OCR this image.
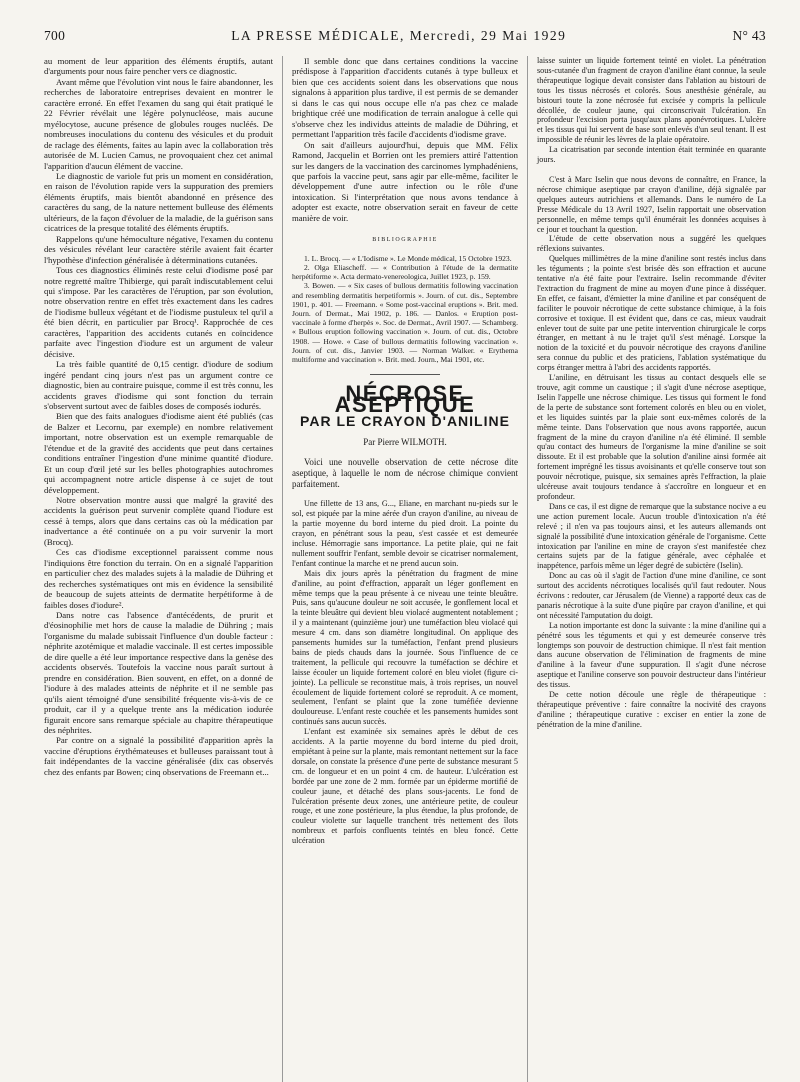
700	LA PRESSE MÉDICALE, Mercredi, 29 Mai 1929	N° 43

au moment de leur apparition des éléments éruptifs, autant d'arguments pour nous faire pencher vers ce diagnostic.

Avant même que l'évolution vint nous le faire abandonner, les recherches de laboratoire entreprises devaient en montrer le caractère erroné. En effet l'examen du sang qui était pratiqué le 22 Février révélait une légère polynucléose, mais aucune myélocytose, aucune présence de globules rouges nucléés. De nombreuses inoculations du contenu des vésicules et du produit de raclage des éléments, faites au lapin avec la collaboration très autorisée de M. Lucien Camus, ne provoquaient chez cet animal l'apparition d'aucun élément de vaccine.

Le diagnostic de variole fut pris un moment en considération, en raison de l'évolution rapide vers la suppuration des premiers éléments éruptifs, mais bientôt abandonné en présence des caractères du sang, de la nature nettement bulleuse des éléments ultérieurs, de la façon d'évoluer de la maladie, de la guérison sans cicatrices de la presque totalité des éléments éruptifs.

Rappelons qu'une hémoculture négative, l'examen du contenu des vésicules révélant leur caractère stérile avaient fait écarter l'hypothèse d'infection généralisée à déterminations cutanées.

Tous ces diagnostics éliminés reste celui d'iodisme posé par notre regretté maître Thibierge, qui paraît indiscutablement celui qui s'impose. Par les caractères de l'éruption, par son évolution, notre observation rentre en effet très exactement dans les cadres de l'iodisme bulleux végétant et de l'iodisme pustuleux tel qu'il a été bien décrit, en particulier par Brocq¹. Rapprochée de ces caractères, l'apparition des accidents cutanés en coïncidence parfaite avec l'ingestion d'iodure est un argument de valeur décisive.

La très faible quantité de 0,15 centigr. d'iodure de sodium ingéré pendant cinq jours n'est pas un argument contre ce diagnostic, bien au contraire puisque, comme il est très connu, les accidents graves d'iodisme qui sont fonction du terrain s'observent surtout avec de faibles doses de composés iodurés.

Bien que des faits analogues d'iodisme aient été publiés (cas de Balzer et Lecornu, par exemple) en nombre relativement important, notre observation est un exemple remarquable de l'étendue et de la gravité des accidents que peut dans certaines conditions entraîner l'ingestion d'une minime quantité d'iodure. Et un coup d'œil jeté sur les belles photographies autochromes qui accompagnent notre article dispense à ce sujet de tout développement.

Notre observation montre aussi que malgré la gravité des accidents la guérison peut survenir complète quand l'iodure est cessé à temps, alors que dans certains cas où la médication par inadvertance a été continuée on a pu voir survenir la mort (Brocq).

Ces cas d'iodisme exceptionnel paraissent comme nous l'indiquions être fonction du terrain. On en a signalé l'apparition en particulier chez des malades sujets à la maladie de Dühring et des recherches systématiques ont mis en évidence la sensibilité de beaucoup de sujets atteints de dermatite herpétiforme à de faibles doses d'iodure².

Dans notre cas l'absence d'antécédents, de prurit et d'éosinophilie met hors de cause la maladie de Dühring ; mais l'organisme du malade subissait l'influence d'un double facteur : néphrite azotémique et maladie vaccinale. Il est certes impossible de dire quelle a été leur importance respective dans la genèse des accidents observés. Toutefois la vaccine nous paraît surtout à prendre en considération. Bien souvent, en effet, on a donné de l'iodure à des malades atteints de néphrite et il ne semble pas qu'ils aient témoigné d'une sensibilité fréquente vis-à-vis de ce produit, car il y a quelque trente ans la médication iodurée figurait encore sans remarque spéciale au chapitre thérapeutique des néphrites.

Par contre on a signalé la possibilité d'apparition après la vaccine d'éruptions érythémateuses et bulleuses paraissant tout à fait indépendantes de la vaccine généralisée (dix cas observés chez des enfants par Bowen; cinq observations de Freemann et...

Il semble donc que dans certaines conditions la vaccine prédispose à l'apparition d'accidents cutanés à type bulleux et bien que ces accidents soient dans les observations que nous signalons à apparition plus tardive, il est permis de se demander si dans le cas qui nous occupe elle n'a pas chez ce malade brightique créé une modification de terrain analogue à celle qui s'observe chez les individus atteints de maladie de Dühring, et permettant l'apparition très facile d'accidents d'iodisme grave.

On sait d'ailleurs aujourd'hui, depuis que MM. Félix Ramond, Jacquelin et Borrien ont les premiers attiré l'attention sur les dangers de la vaccination des carcinomes lymphadéniens, que parfois la vaccine peut, sans agir par elle-même, faciliter le développement d'une autre infection ou le rôle d'une intoxication. Si l'interprétation que nous avons tendance à adopter est exacte, notre observation serait en faveur de cette manière de voir.

BIBLIOGRAPHIE

1. L. Brocq. — « L'Iodisme ». Le Monde médical, 15 Octobre 1923.

2. Olga Eliascheff. — « Contribution à l'étude de la dermatite herpétiforme ». Acta dermato-venereologica, Juillet 1923, p. 159.

3. Bowen. — « Six cases of bullous dermatitis following vaccination and resembling dermatitis herpetiformis ». Journ. of cut. dis., Septembre 1901, p. 401. — Freemann. « Some post-vaccinal eruptions ». Brit. med. Journ. of Dermat., Mai 1902, p. 186. — Danlos. « Eruption post-vaccinale à forme d'herpès ». Soc. de Dermat., Avril 1907. — Schamberg. « Bullous eruption following vaccination ». Journ. of cut. dis., Octobre 1908. — Howe. « Case of bullous dermatitis following vaccination ». Journ. of cut. dis., Janvier 1903. — Norman Walker. « Erythema multiforme and vaccination ». Brit. med. Journ., Mai 1901, etc.

NÉCROSE ASEPTIQUE
PAR LE CRAYON D'ANILINE
Par Pierre WILMOTH.

Voici une nouvelle observation de cette nécrose dite aseptique, à laquelle le nom de nécrose chimique convient parfaitement.

Une fillette de 13 ans, G..., Eliane, en marchant nu-pieds sur le sol, est piquée par la mine aérée d'un crayon d'aniline, au niveau de la partie moyenne du bord interne du pied droit. La pointe du crayon, en pénétrant sous la peau, s'est cassée et est demeurée incluse. Hémorragie sans importance. La petite plaie, qui ne fait nullement souffrir l'enfant, semble devoir se cicatriser normalement, l'enfant continue la marche et ne prend aucun soin.

Mais dix jours après la pénétration du fragment de mine d'aniline, au point d'effraction, apparaît un léger gonflement en même temps que la peau présente à ce niveau une teinte bleuâtre. Puis, sans qu'aucune douleur ne soit accusée, le gonflement local et la teinte bleuâtre qui devient bleu violacé augmentent notablement ; il y a maintenant (quinzième jour) une tuméfaction bleu violacé qui mesure 4 cm. dans son diamètre longitudinal. On applique des pansements humides sur la tuméfaction, l'enfant prend plusieurs bains de pieds chauds dans la journée. Sous l'influence de ce traitement, la pellicule qui recouvre la tuméfaction se déchire et laisse écouler un liquide fortement coloré en bleu violet (figure ci-jointe). La pellicule se reconstitue mais, à trois reprises, un nouvel écoulement de liquide fortement coloré se reproduit. A ce moment, seulement, l'enfant se plaint que la zone tuméfiée devienne douloureuse. L'enfant reste couchée et les pansements humides sont continués sans aucun succès.

L'enfant est examinée six semaines après le début de ces accidents. A la partie moyenne du bord interne du pied droit, empiétant à peine sur la plante, mais remontant nettement sur la face dorsale, on constate la présence d'une perte de substance mesurant 5 cm. de longueur et en un point 4 cm. de hauteur. L'ulcération est bordée par une zone de 2 mm. formée par un épiderme mortifié de couleur jaune, et détaché des plans sous-jacents. Le fond de l'ulcération présente deux zones, une antérieure petite, de couleur rouge, et une zone postérieure, la plus étendue, la plus profonde, de couleur violette sur laquelle tranchent très nettement des îlots nombreux et parfois confluents teintés en bleu foncé. Cette ulcération

laisse suinter un liquide fortement teinté en violet. La pénétration sous-cutanée d'un fragment de crayon d'aniline étant connue, la seule thérapeutique logique devait consister dans l'ablation au bistouri de tous les tissus nécrosés et colorés. Sous anesthésie générale, au bistouri toute la zone nécrosée fut excisée y compris la pellicule décollée, de couleur jaune, qui circonscrivait l'ulcération. En profondeur l'excision porta jusqu'aux plans aponévrotiques. L'ulcère et les tissus qui lui servent de base sont enlevés d'un seul tenant. Il est impossible de réunir les lèvres de la plaie opératoire.

La cicatrisation par seconde intention était terminée en quarante jours.

C'est à Marc Iselin que nous devons de connaître, en France, la nécrose chimique aseptique par crayon d'aniline, déjà signalée par quelques auteurs autrichiens et allemands. Dans le numéro de La Presse Médicale du 13 Avril 1927, Iselin rapportait une observation personnelle, en même temps qu'il énumérait les données acquises à ce jour et touchant la question.

L'étude de cette observation nous a suggéré les quelques réflexions suivantes.

Quelques millimètres de la mine d'aniline sont restés inclus dans les téguments ; la pointe s'est brisée dès son effraction et aucune tentative n'a été faite pour l'extraire. Iselin recommande d'éviter l'extraction du fragment de mine au moyen d'une pince à disséquer. En effet, ce faisant, d'émietter la mine d'aniline et par conséquent de faciliter le pouvoir nécrotique de cette substance chimique, à la fois corrosive et toxique. Il est évident que, dans ce cas, mieux vaudrait enlever tout de suite par une petite intervention chirurgicale le corps étranger, en mettant à nu le trajet qu'il s'est ménagé. Lorsque la notion de la toxicité et du pouvoir nécrotique des crayons d'aniline sera connue du public et des praticiens, l'ablation systématique du corps étranger mettra à l'abri des accidents rapportés.

L'aniline, en détruisant les tissus au contact desquels elle se trouve, agit comme un caustique ; il s'agit d'une nécrose aseptique, Iselin l'appelle une nécrose chimique. Les tissus qui forment le fond de la perte de substance sont fortement colorés en bleu ou en violet, et les liquides suintés par la plaie sont eux-mêmes colorés de la même teinte. Dans l'observation que nous avons rapportée, aucun fragment de la mine du crayon d'aniline n'a été éliminé. Il semble qu'au contact des humeurs de l'organisme la mine d'aniline se soit dissoute. Et il est probable que la solution d'aniline ainsi formée ait fortement imprégné les tissus avoisinants et qu'elle conserve tout son pouvoir nécrotique, puisque, six semaines après l'effraction, la plaie ulcéreuse avait toujours tendance à s'accroître en longueur et en profondeur.

Dans ce cas, il est digne de remarque que la substance nocive a eu une action purement locale. Aucun trouble d'intoxication n'a été relevé ; il n'en va pas toujours ainsi, et les auteurs allemands ont signalé la possibilité d'une intoxication générale de l'organisme. Cette intoxication par l'aniline en mine de crayon s'est manifestée chez certains sujets par de la fatigue générale, avec céphalée et inappétence, parfois même un léger degré de subictère (Iselin).

Donc au cas où il s'agit de l'action d'une mine d'aniline, ce sont surtout des accidents nécrotiques localisés qu'il faut redouter. Nous écrivons : redouter, car Jérusalem (de Vienne) a rapporté deux cas de panaris nécrotique à la suite d'une piqûre par crayon d'aniline, et qui ont nécessité l'amputation du doigt.

La notion importante est donc la suivante : la mine d'aniline qui a pénétré sous les téguments et qui y est demeurée conserve très longtemps son pouvoir de destruction chimique. Il n'est fait mention dans aucune observation de l'élimination de fragments de mine d'aniline à la faveur d'une suppuration. Il s'agit d'une nécrose aseptique et l'aniline conserve son pouvoir destructeur dans l'intérieur des tissus.

De cette notion découle une règle de thérapeutique : thérapeutique préventive : faire connaître la nocivité des crayons d'aniline ; thérapeutique curative : exciser en entier la zone de pénétration de la mine d'aniline.
